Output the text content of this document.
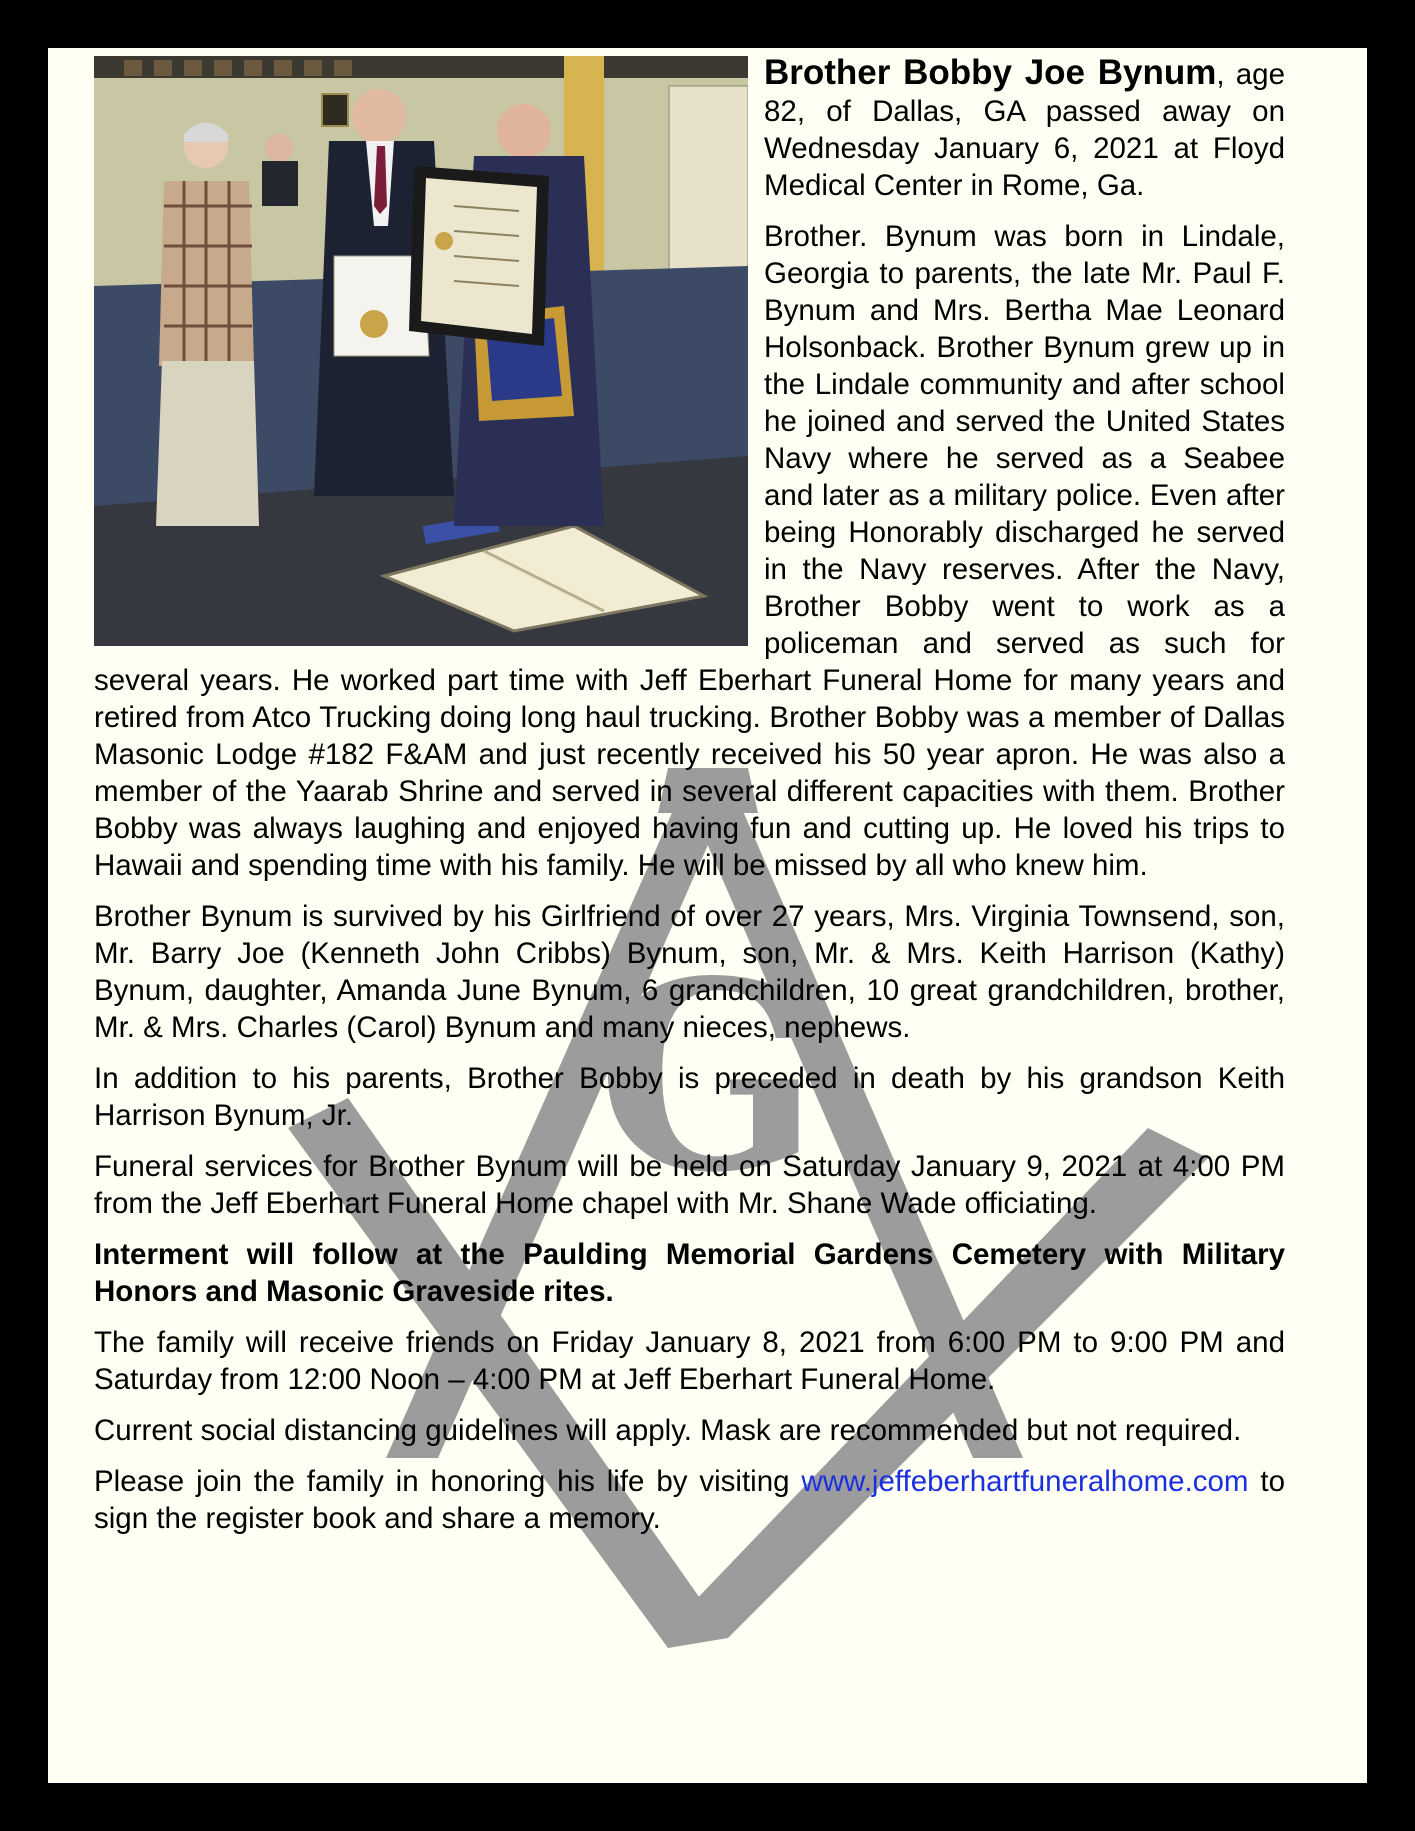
G

Brother Bobby Joe Bynum, age 82, of Dallas, GA passed away on Wednesday January 6, 2021 at Floyd Medical Center in Rome, Ga.

Brother. Bynum was born in Lindale, Georgia to parents, the late Mr. Paul F. Bynum and Mrs. Bertha Mae Leonard Holsonback. Brother Bynum grew up in the Lindale community and after school he joined and served the United States Navy where he served as a Seabee and later as a military police. Even after being Honorably discharged he served in the Navy reserves. After the Navy, Brother Bobby went to work as a policeman and served as such for several years. He worked part time with Jeff Eberhart Funeral Home for many years and retired from Atco Trucking doing long haul trucking. Brother Bobby was a member of Dallas Masonic Lodge #182 F&AM and just recently received his 50 year apron. He was also a member of the Yaarab Shrine and served in several different capacities with them. Brother Bobby was always laughing and enjoyed having fun and cutting up. He loved his trips to Hawaii and spending time with his family. He will be missed by all who knew him.

Brother Bynum is survived by his Girlfriend of over 27 years, Mrs. Virginia Townsend, son, Mr. Barry Joe (Kenneth John Cribbs) Bynum, son, Mr. & Mrs. Keith Harrison (Kathy) Bynum, daughter, Amanda June Bynum, 6 grandchildren, 10 great grandchildren, brother, Mr. & Mrs. Charles (Carol) Bynum and many nieces, nephews.

In addition to his parents, Brother Bobby is preceded in death by his grandson Keith Harrison Bynum, Jr.

Funeral services for Brother Bynum will be held on Saturday January 9, 2021 at 4:00 PM from the Jeff Eberhart Funeral Home chapel with Mr. Shane Wade officiating.

Interment will follow at the Paulding Memorial Gardens Cemetery with Military Honors and Masonic Graveside rites.

The family will receive friends on Friday January 8, 2021 from 6:00 PM to 9:00 PM and Saturday from 12:00 Noon – 4:00 PM at Jeff Eberhart Funeral Home.

Current social distancing guidelines will apply. Mask are recommended but not required.

Please join the family in honoring his life by visiting www.jeffeberhartfuneralhome.com to sign the register book and share a memory.
